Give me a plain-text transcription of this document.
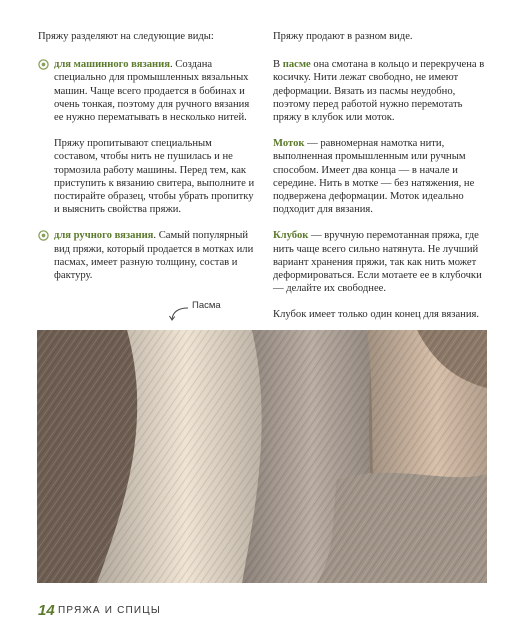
Пряжу разделяют на следующие виды:

для машинного вязания. Создана специально для промышленных вязальных машин. Чаще всего продается в бобинах и очень тонкая, поэтому для ручного вязания ее нужно перематывать в несколько нитей.
Пряжу пропитывают специальным составом, чтобы нить не пушилась и не тормозила работу машины. Перед тем, как приступить к вязанию свитера, выполните и постирайте образец, чтобы убрать пропитку и выяснить свойства пряжи.
для ручного вязания. Самый популярный вид пряжи, который продается в мотках или пасмах, имеет разную толщину, состав и фактуру.

Пряжу продают в разном виде.

В пасме она смотана в кольцо и перекручена в косичку. Нити лежат свободно, не имеют деформации. Вязать из пасмы неудобно, поэтому перед работой нужно перемотать пряжу в клубок или моток.

Моток — равномерная намотка нити, выполненная промышленным или ручным способом. Имеет два конца — в начале и середине. Нить в мотке — без натяжения, не подвержена деформации. Моток идеально подходит для вязания.

Клубок — вручную перемотанная пряжа, где нить чаще всего сильно натянута. Не лучший вариант хранения пряжи, так как нить может деформироваться. Если мотаете ее в клубочки — делайте их свободнее.

Клубок имеет только один конец для вязания.

Пасма
14 ПРЯЖА И СПИЦЫ
